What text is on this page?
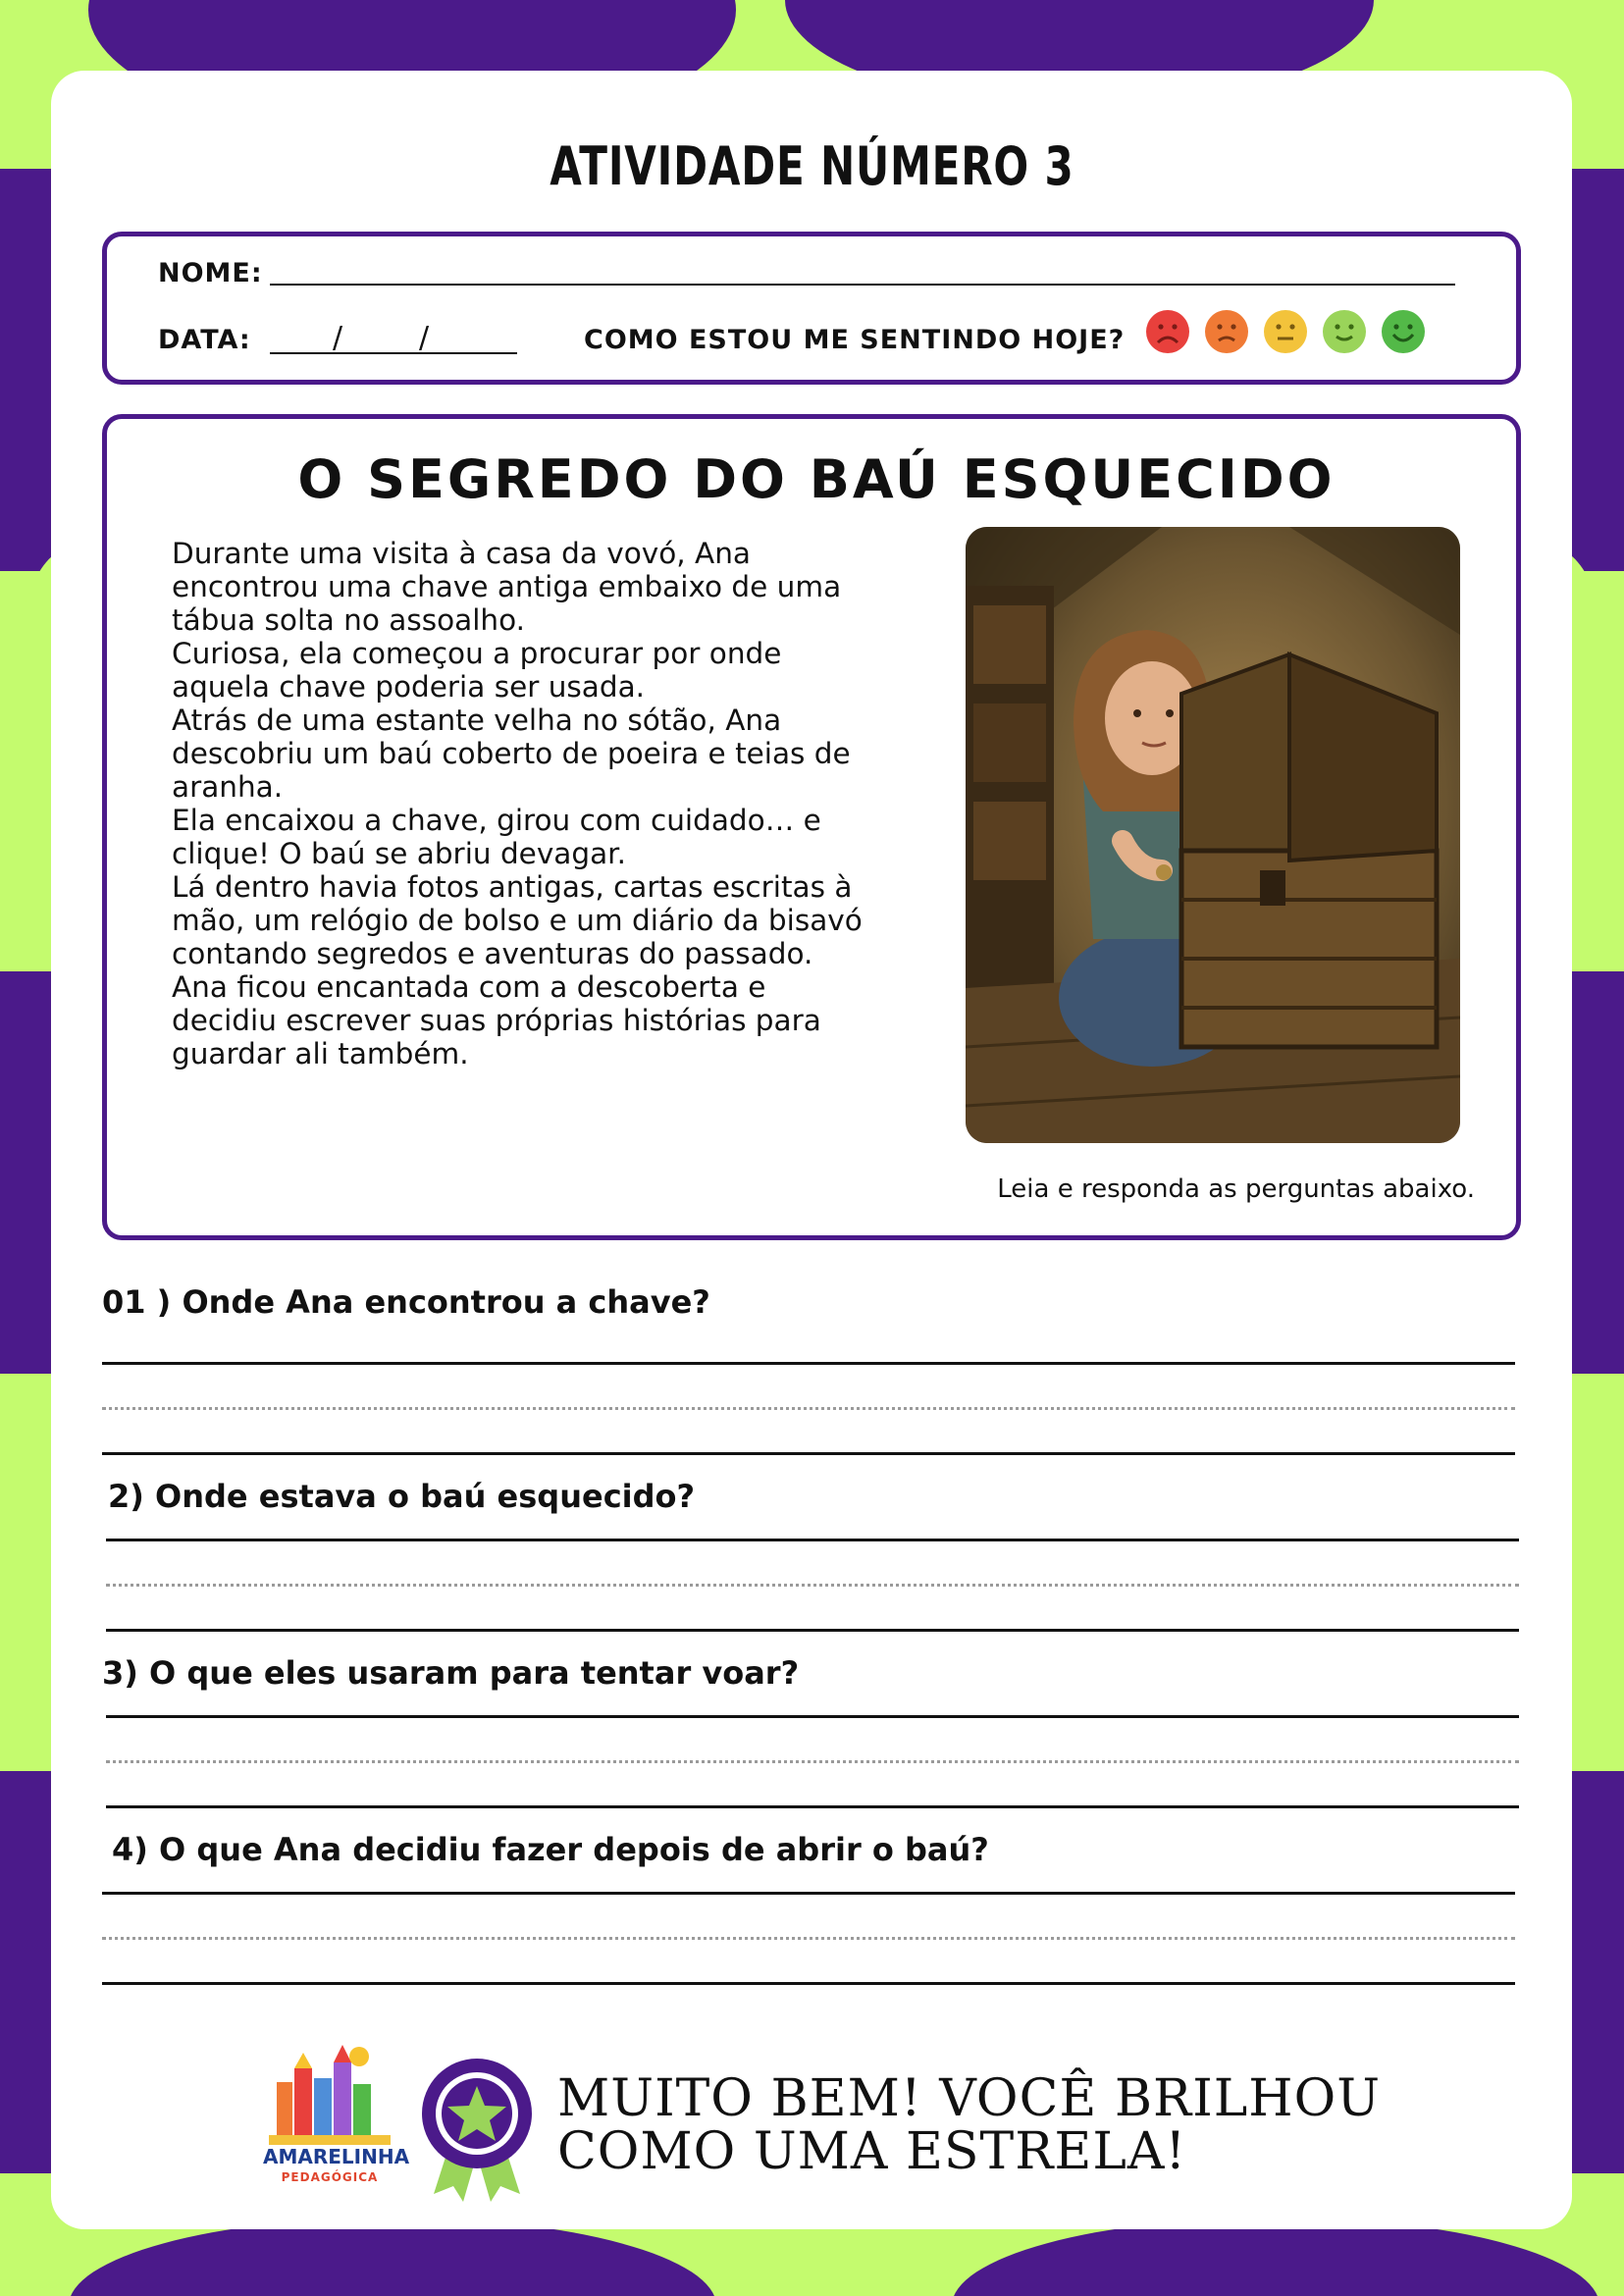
ATIVIDADE NÚMERO 3
NOME:
DATA:	/	/	COMO ESTOU ME SENTINDO HOJE?
O SEGREDO DO BAÚ ESQUECIDO

Durante uma visita à casa da vovó, Ana encontrou uma chave antiga embaixo de uma tábua solta no assoalho.

Curiosa, ela começou a procurar por onde aquela chave poderia ser usada.

Atrás de uma estante velha no sótão, Ana descobriu um baú coberto de poeira e teias de aranha.

Ela encaixou a chave, girou com cuidado… e clique! O baú se abriu devagar.

Lá dentro havia fotos antigas, cartas escritas à mão, um relógio de bolso e um diário da bisavó contando segredos e aventuras do passado.

Ana ficou encantada com a descoberta e decidiu escrever suas próprias histórias para guardar ali também.

Leia e responda as perguntas abaixo.
01 ) Onde Ana encontrou a chave?
2) Onde estava o baú esquecido?
3) O que eles usaram para tentar voar?
4) O que Ana decidiu fazer depois de abrir o baú?
AMARELINHA
PEDAGÓGICA
MUITO BEM! VOCÊ BRILHOU
COMO UMA ESTRELA!
